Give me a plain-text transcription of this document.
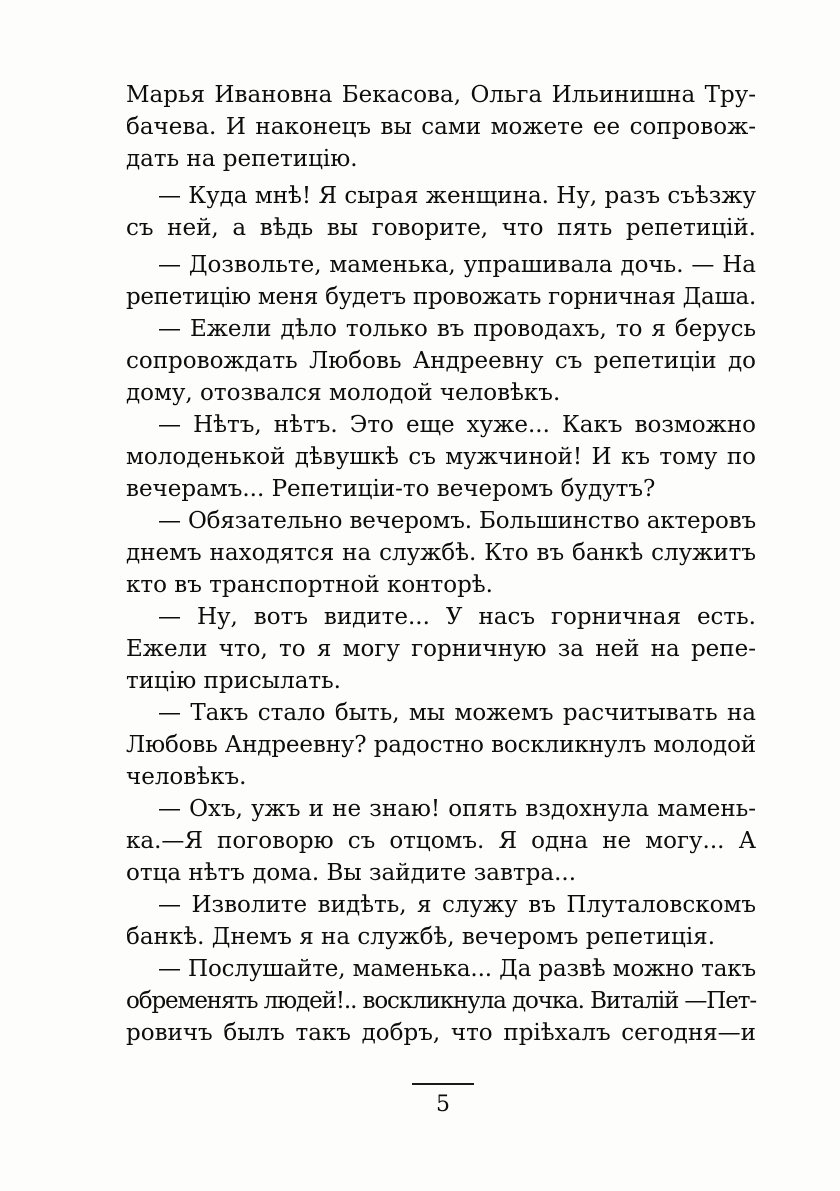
Марья Ивановна Бекасова, Ольга Ильинишна Тру-
бачева. И наконецъ вы сами можете ее сопровож-
дать на репетицію.
— Куда мнѣ! Я сырая женщина. Ну, разъ съѣзжу
съ ней, а вѣдь вы говорите, что пять репетицій.
— Дозвольте, маменька, упрашивала дочь. — На
репетицію меня будетъ провожать горничная Даша.
— Ежели дѣло только въ проводахъ, то я берусь
сопровождать Любовь Андреевну съ репетиціи до
дому, отозвался молодой человѣкъ.
— Нѣтъ, нѣтъ. Это еще хуже... Какъ возможно
молоденькой дѣвушкѣ съ мужчиной! И къ тому по
вечерамъ... Репетиціи-то вечеромъ будутъ?
— Обязательно вечеромъ. Большинство актеровъ
днемъ находятся на службѣ. Кто въ банкѣ служитъ
кто въ транспортной конторѣ.
— Ну, вотъ видите... У насъ горничная есть.
Ежели что, то я могу горничную за ней на репе-
тицію присылать.
— Такъ стало быть, мы можемъ расчитывать на
Любовь Андреевну? радостно воскликнулъ молодой
человѣкъ.
— Охъ, ужъ и не знаю! опять вздохнула мамень-
ка.—Я поговорю съ отцомъ. Я одна не могу... А
отца нѣтъ дома. Вы зайдите завтра...
— Изволите видѣть, я служу въ Плуталовскомъ
банкѣ. Днемъ я на службѣ, вечеромъ репетиція.
— Послушайте, маменька... Да развѣ можно такъ
обременять людей!.. воскликнула дочка. Виталій —Пет-
ровичъ былъ такъ добръ, что пріѣхалъ сегодня—и
5
